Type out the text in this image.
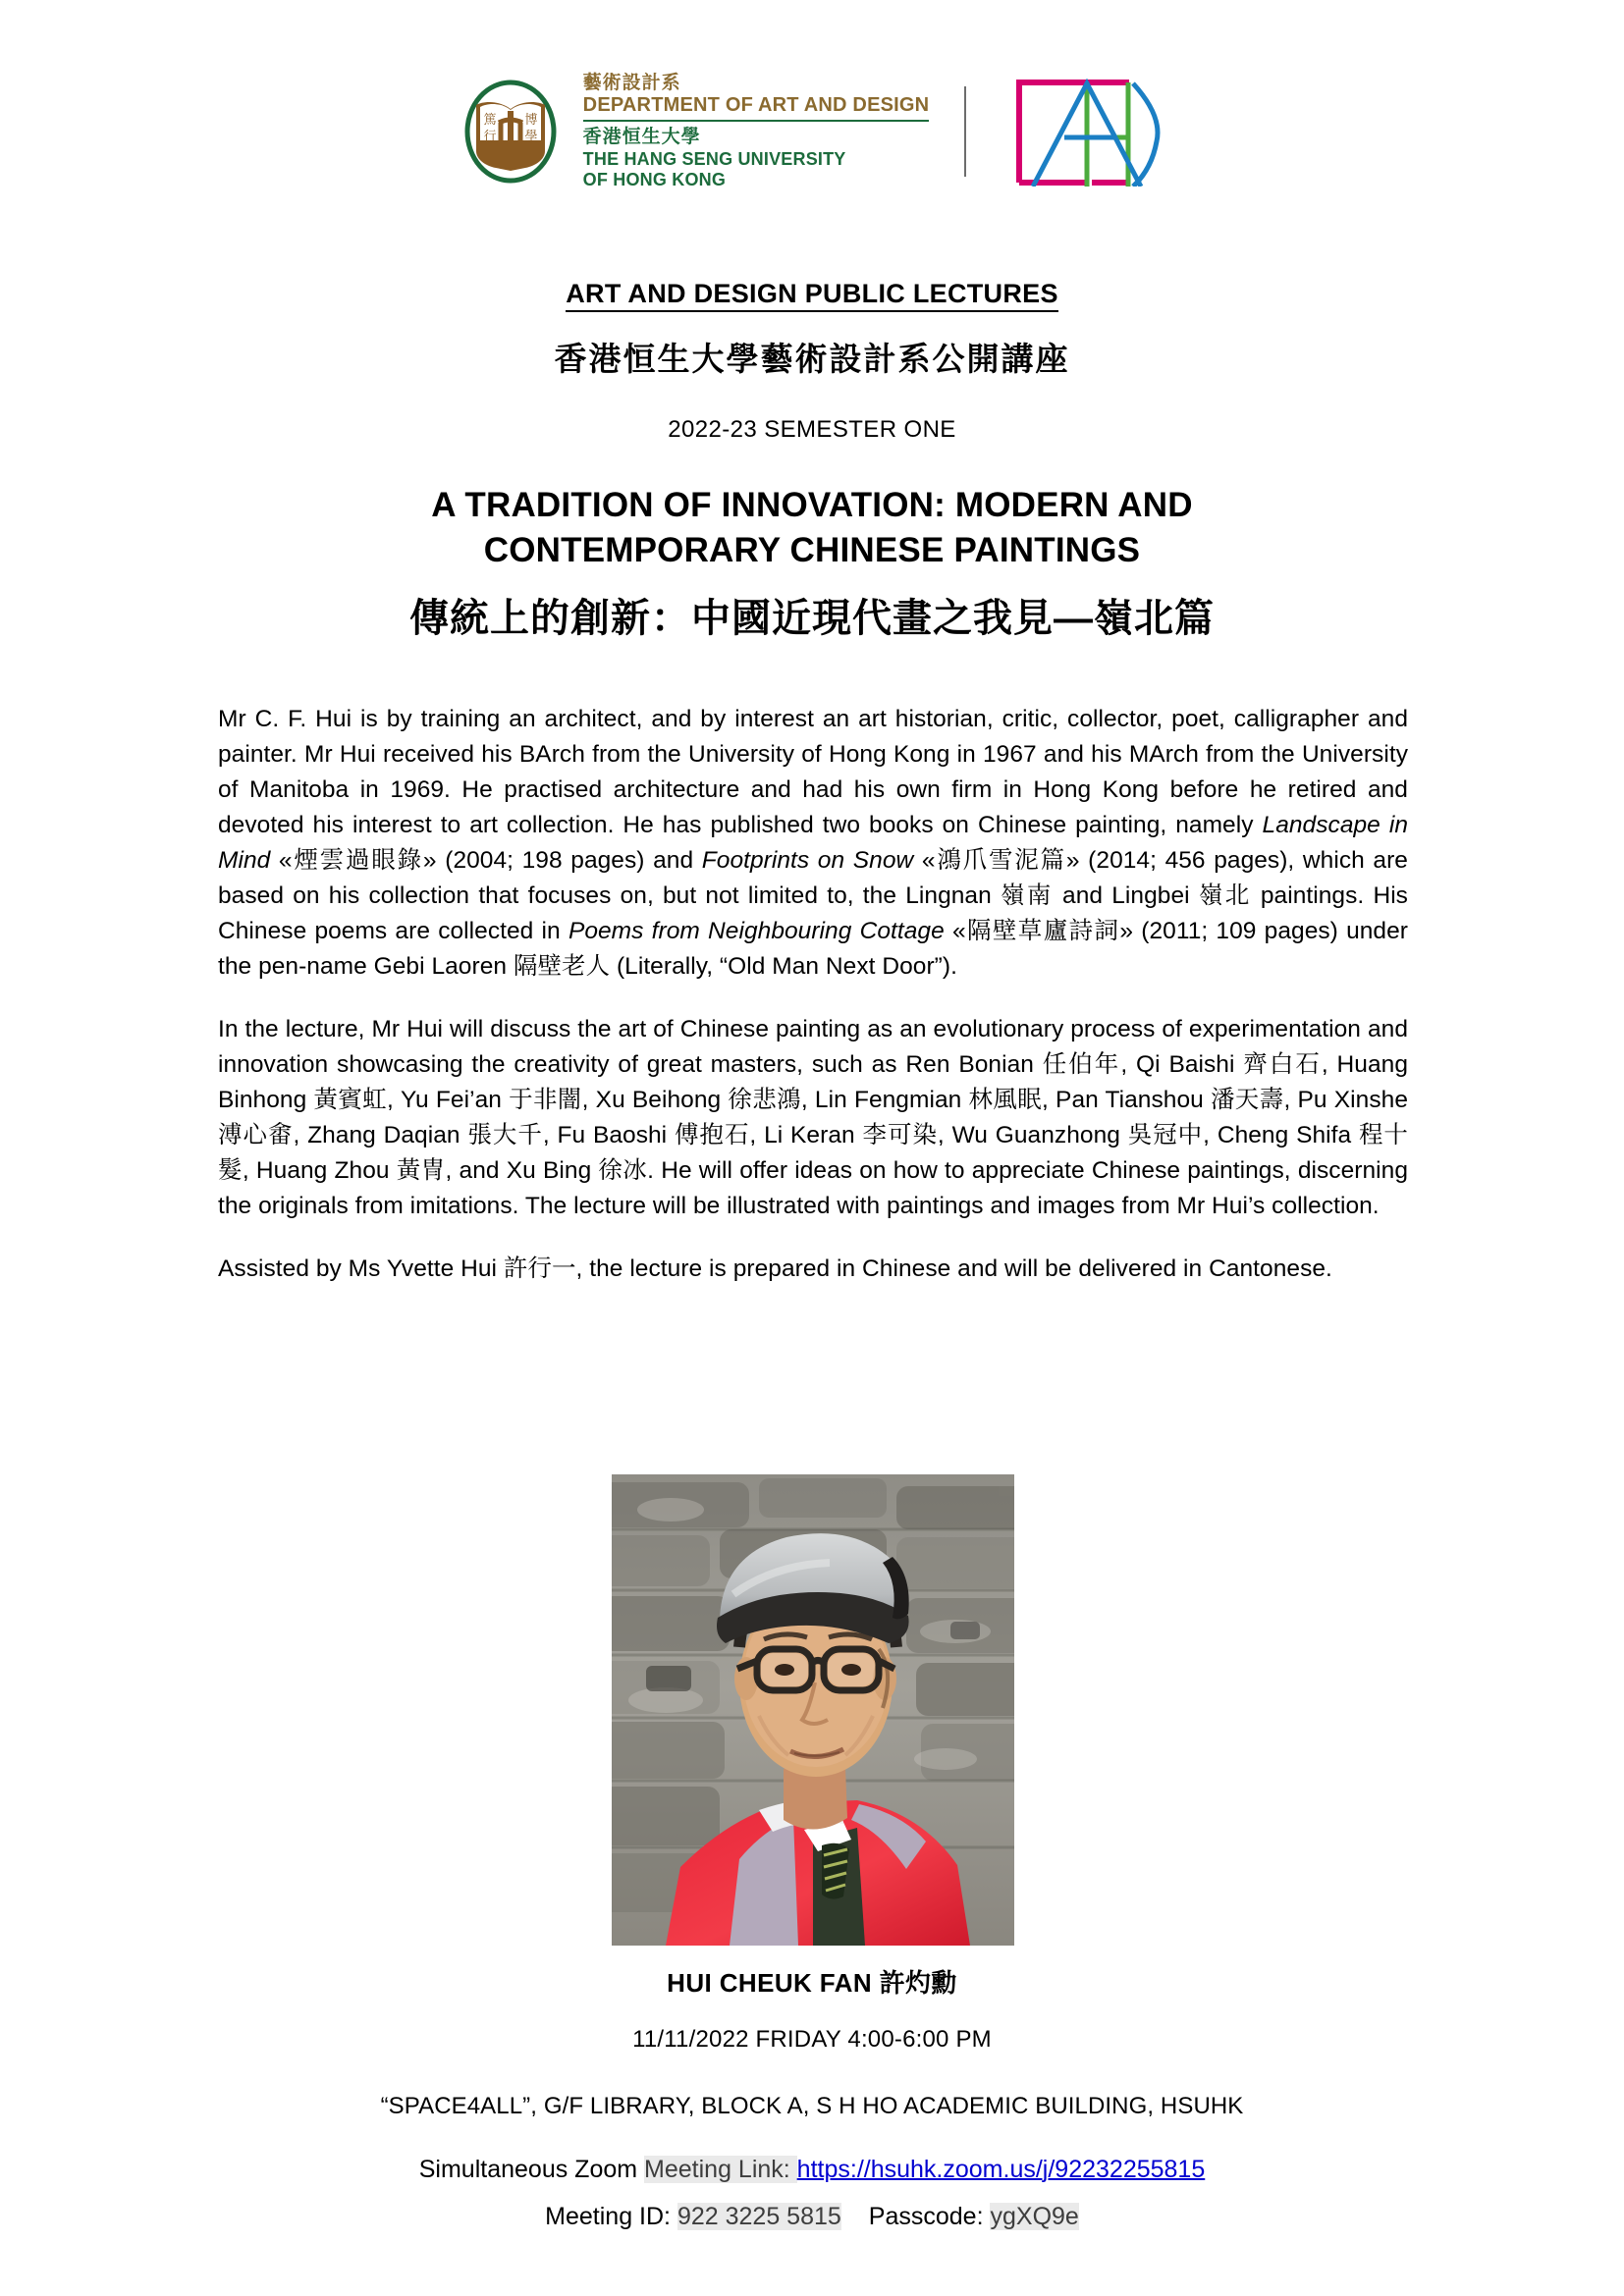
篤 博
行 學
藝術設計系
DEPARTMENT OF ART AND DESIGN
香港恒生大學
THE HANG SENG UNIVERSITY
OF HONG KONG
ART AND DESIGN PUBLIC LECTURES
香港恒生大學藝術設計系公開講座
2022-23 SEMESTER ONE
A TRADITION OF INNOVATION: MODERN AND
CONTEMPORARY CHINESE PAINTINGS
傳統上的創新：中國近現代畫之我見—嶺北篇

Mr C. F. Hui is by training an architect, and by interest an art historian, critic, collector, poet, calligrapher and painter. Mr Hui received his BArch from the University of Hong Kong in 1967 and his MArch from the University of Manitoba in 1969. He practised architecture and had his own firm in Hong Kong before he retired and devoted his interest to art collection. He has published two books on Chinese painting, namely Landscape in Mind «煙雲過眼錄» (2004; 198 pages) and Footprints on Snow «鴻爪雪泥篇» (2014; 456 pages), which are based on his collection that focuses on, but not limited to, the Lingnan 嶺南 and Lingbei 嶺北 paintings. His Chinese poems are collected in Poems from Neighbouring Cottage «隔壁草廬詩詞» (2011; 109 pages) under the pen-name Gebi Laoren 隔壁老人 (Literally, “Old Man Next Door”).

In the lecture, Mr Hui will discuss the art of Chinese painting as an evolutionary process of experimentation and innovation showcasing the creativity of great masters, such as Ren Bonian 任伯年, Qi Baishi 齊白石, Huang Binhong 黃賓虹, Yu Fei’an 于非闇, Xu Beihong 徐悲鴻, Lin Fengmian 林風眠, Pan Tianshou 潘天壽, Pu Xinshe 溥心畬, Zhang Daqian 張大千, Fu Baoshi 傅抱石, Li Keran 李可染, Wu Guanzhong 吳冠中, Cheng Shifa 程十髮, Huang Zhou 黃冑, and Xu Bing 徐冰. He will offer ideas on how to appreciate Chinese paintings, discerning the originals from imitations. The lecture will be illustrated with paintings and images from Mr Hui’s collection.

Assisted by Ms Yvette Hui 許行一, the lecture is prepared in Chinese and will be delivered in Cantonese.

HUI CHEUK FAN 許灼勳
11/11/2022 FRIDAY 4:00-6:00 PM
“SPACE4ALL”, G/F LIBRARY, BLOCK A, S H HO ACADEMIC BUILDING, HSUHK
Simultaneous Zoom Meeting Link: https://hsuhk.zoom.us/j/92232255815
Meeting ID: 922 3225 5815 Passcode: ygXQ9e
